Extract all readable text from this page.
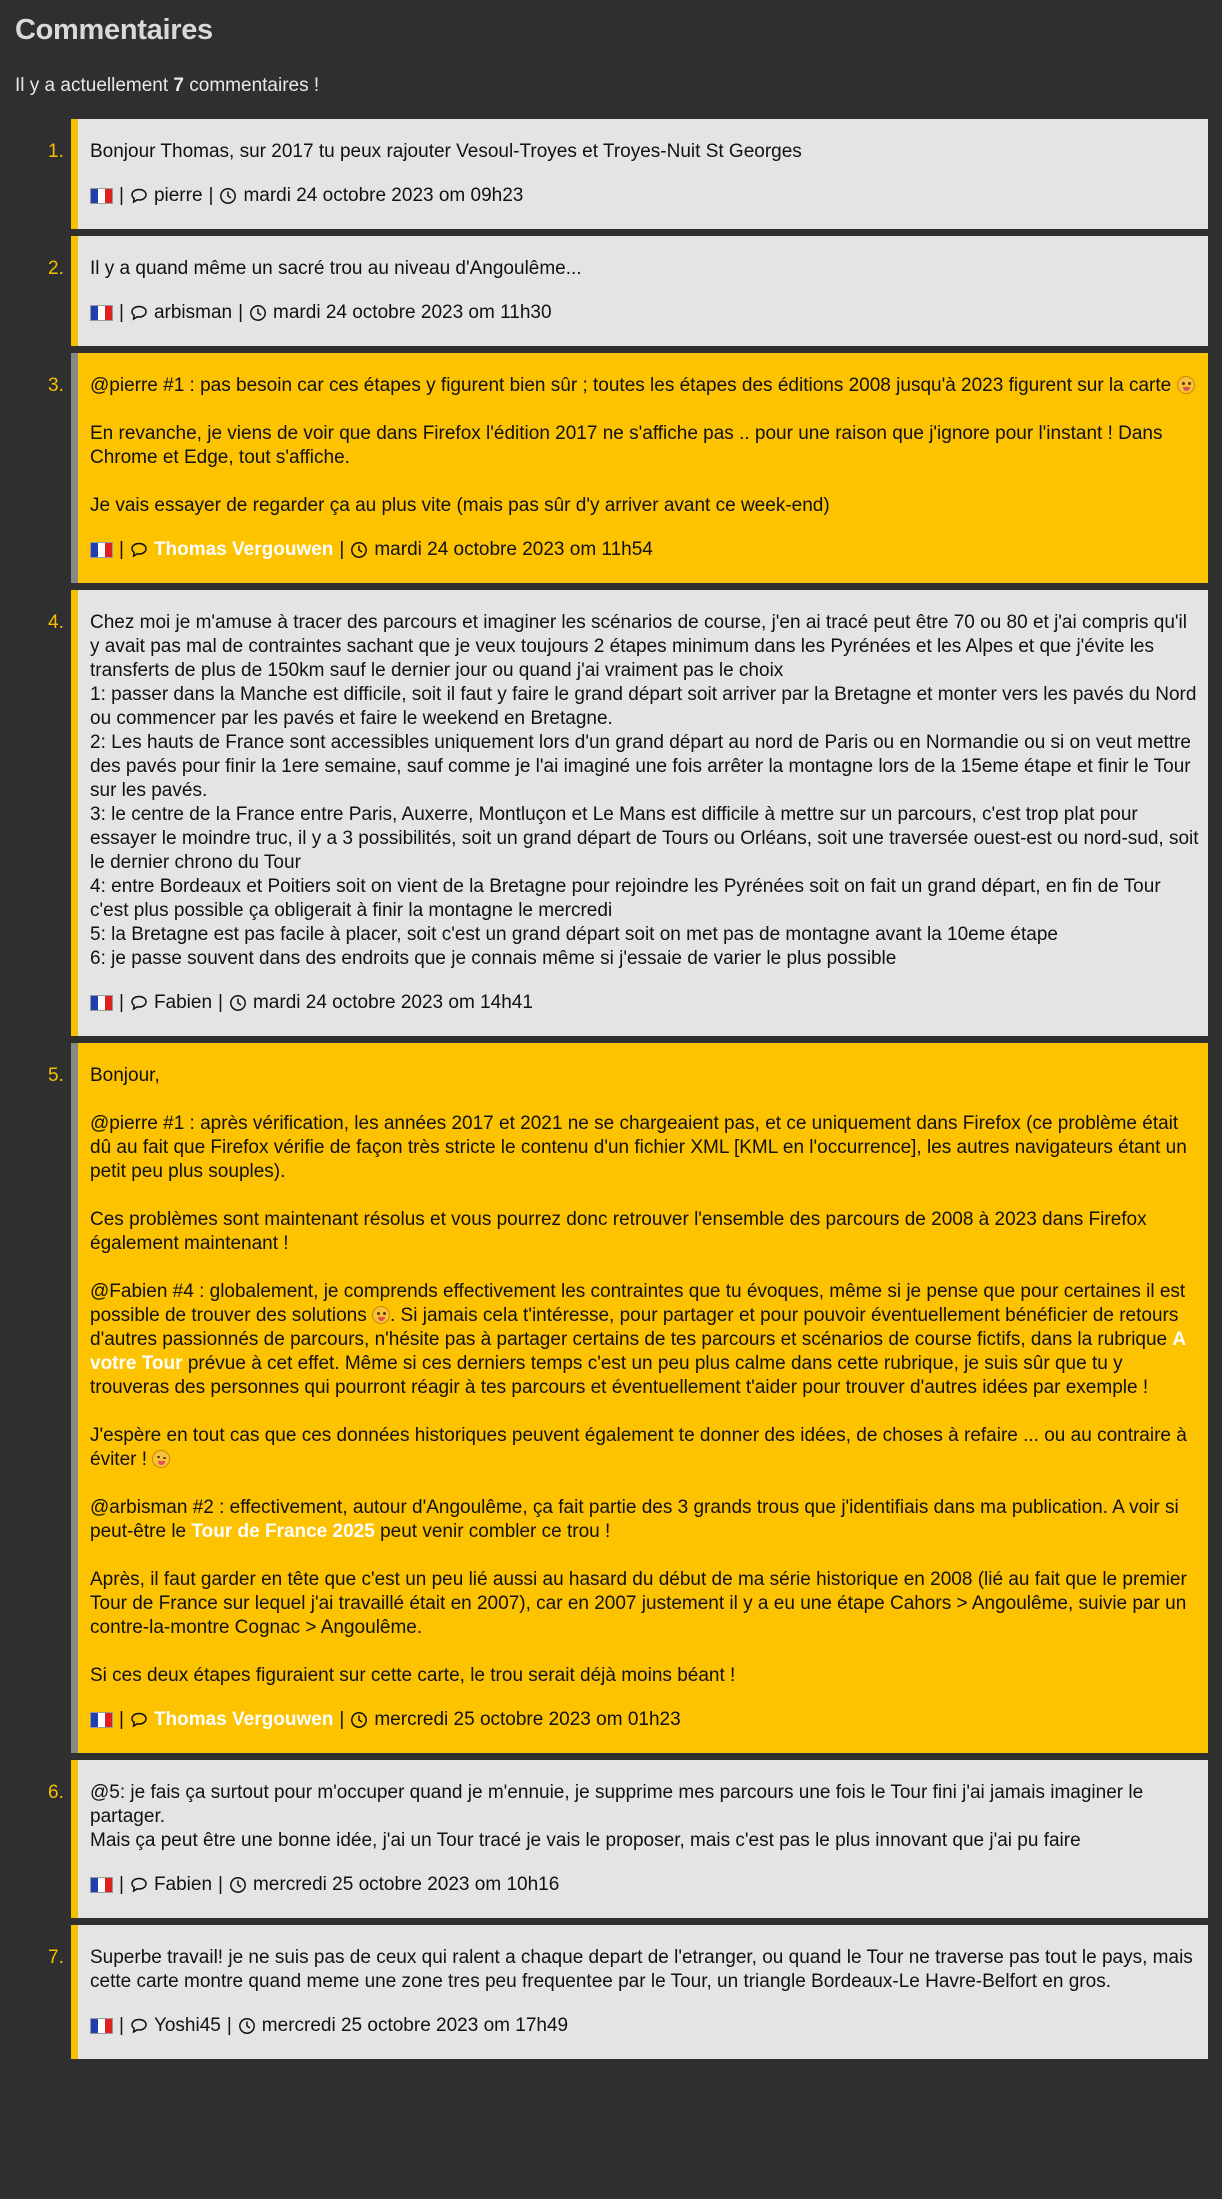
Commentaires
Il y a actuellement 7 commentaires !
1. Bonjour Thomas, sur 2017 tu peux rajouter Vesoul-Troyes et Troyes-Nuit St Georges

| pierre | mardi 24 octobre 2023 om 09h23
2. Il y a quand même un sacré trou au niveau d'Angoulême...

| arbisman | mardi 24 octobre 2023 om 11h30
3. @pierre #1 : pas besoin car ces étapes y figurent bien sûr ; toutes les étapes des éditions 2008 jusqu'à 2023 figurent sur la carte

En revanche, je viens de voir que dans Firefox l'édition 2017 ne s'affiche pas .. pour une raison que j'ignore pour l'instant ! Dans Chrome et Edge, tout s'affiche.

Je vais essayer de regarder ça au plus vite (mais pas sûr d'y arriver avant ce week-end)

| Thomas Vergouwen | mardi 24 octobre 2023 om 11h54
4. Chez moi je m'amuse à tracer des parcours et imaginer les scénarios de course, j'en ai tracé peut être 70 ou 80 et j'ai compris qu'il y avait pas mal de contraintes sachant que je veux toujours 2 étapes minimum dans les Pyrénées et les Alpes et que j'évite les transferts de plus de 150km sauf le dernier jour ou quand j'ai vraiment pas le choix
1: passer dans la Manche est difficile, soit il faut y faire le grand départ soit arriver par la Bretagne et monter vers les pavés du Nord ou commencer par les pavés et faire le weekend en Bretagne.
2: Les hauts de France sont accessibles uniquement lors d'un grand départ au nord de Paris ou en Normandie ou si on veut mettre des pavés pour finir la 1ere semaine, sauf comme je l'ai imaginé une fois arrêter la montagne lors de la 15eme étape et finir le Tour sur les pavés.
3: le centre de la France entre Paris, Auxerre, Montluçon et Le Mans est difficile à mettre sur un parcours, c'est trop plat pour essayer le moindre truc, il y a 3 possibilités, soit un grand départ de Tours ou Orléans, soit une traversée ouest-est ou nord-sud, soit le dernier chrono du Tour
4: entre Bordeaux et Poitiers soit on vient de la Bretagne pour rejoindre les Pyrénées soit on fait un grand départ, en fin de Tour c'est plus possible ça obligerait à finir la montagne le mercredi
5: la Bretagne est pas facile à placer, soit c'est un grand départ soit on met pas de montagne avant la 10eme étape
6: je passe souvent dans des endroits que je connais même si j'essaie de varier le plus possible

| Fabien | mardi 24 octobre 2023 om 14h41
5. Bonjour,

@pierre #1 : après vérification, les années 2017 et 2021 ne se chargeaient pas, et ce uniquement dans Firefox (ce problème était dû au fait que Firefox vérifie de façon très stricte le contenu d'un fichier XML [KML en l'occurrence], les autres navigateurs étant un petit peu plus souples).

Ces problèmes sont maintenant résolus et vous pourrez donc retrouver l'ensemble des parcours de 2008 à 2023 dans Firefox également maintenant !

@Fabien #4 : globalement, je comprends effectivement les contraintes que tu évoques, même si je pense que pour certaines il est possible de trouver des solutions . Si jamais cela t'intéresse, pour partager et pour pouvoir éventuellement bénéficier de retours d'autres passionnés de parcours, n'hésite pas à partager certains de tes parcours et scénarios de course fictifs, dans la rubrique A votre Tour prévue à cet effet. Même si ces derniers temps c'est un peu plus calme dans cette rubrique, je suis sûr que tu y trouveras des personnes qui pourront réagir à tes parcours et éventuellement t'aider pour trouver d'autres idées par exemple !

J'espère en tout cas que ces données historiques peuvent également te donner des idées, de choses à refaire ... ou au contraire à éviter !

@arbisman #2 : effectivement, autour d'Angoulême, ça fait partie des 3 grands trous que j'identifiais dans ma publication. A voir si peut-être le Tour de France 2025 peut venir combler ce trou !

Après, il faut garder en tête que c'est un peu lié aussi au hasard du début de ma série historique en 2008 (lié au fait que le premier Tour de France sur lequel j'ai travaillé était en 2007), car en 2007 justement il y a eu une étape Cahors > Angoulême, suivie par un contre-la-montre Cognac > Angoulême.

Si ces deux étapes figuraient sur cette carte, le trou serait déjà moins béant !

| Thomas Vergouwen | mercredi 25 octobre 2023 om 01h23
6. @5: je fais ça surtout pour m'occuper quand je m'ennuie, je supprime mes parcours une fois le Tour fini j'ai jamais imaginer le partager.
Mais ça peut être une bonne idée, j'ai un Tour tracé je vais le proposer, mais c'est pas le plus innovant que j'ai pu faire

| Fabien | mercredi 25 octobre 2023 om 10h16
7. Superbe travail! je ne suis pas de ceux qui ralent a chaque depart de l'etranger, ou quand le Tour ne traverse pas tout le pays, mais cette carte montre quand meme une zone tres peu frequentee par le Tour, un triangle Bordeaux-Le Havre-Belfort en gros.

| Yoshi45 | mercredi 25 octobre 2023 om 17h49
